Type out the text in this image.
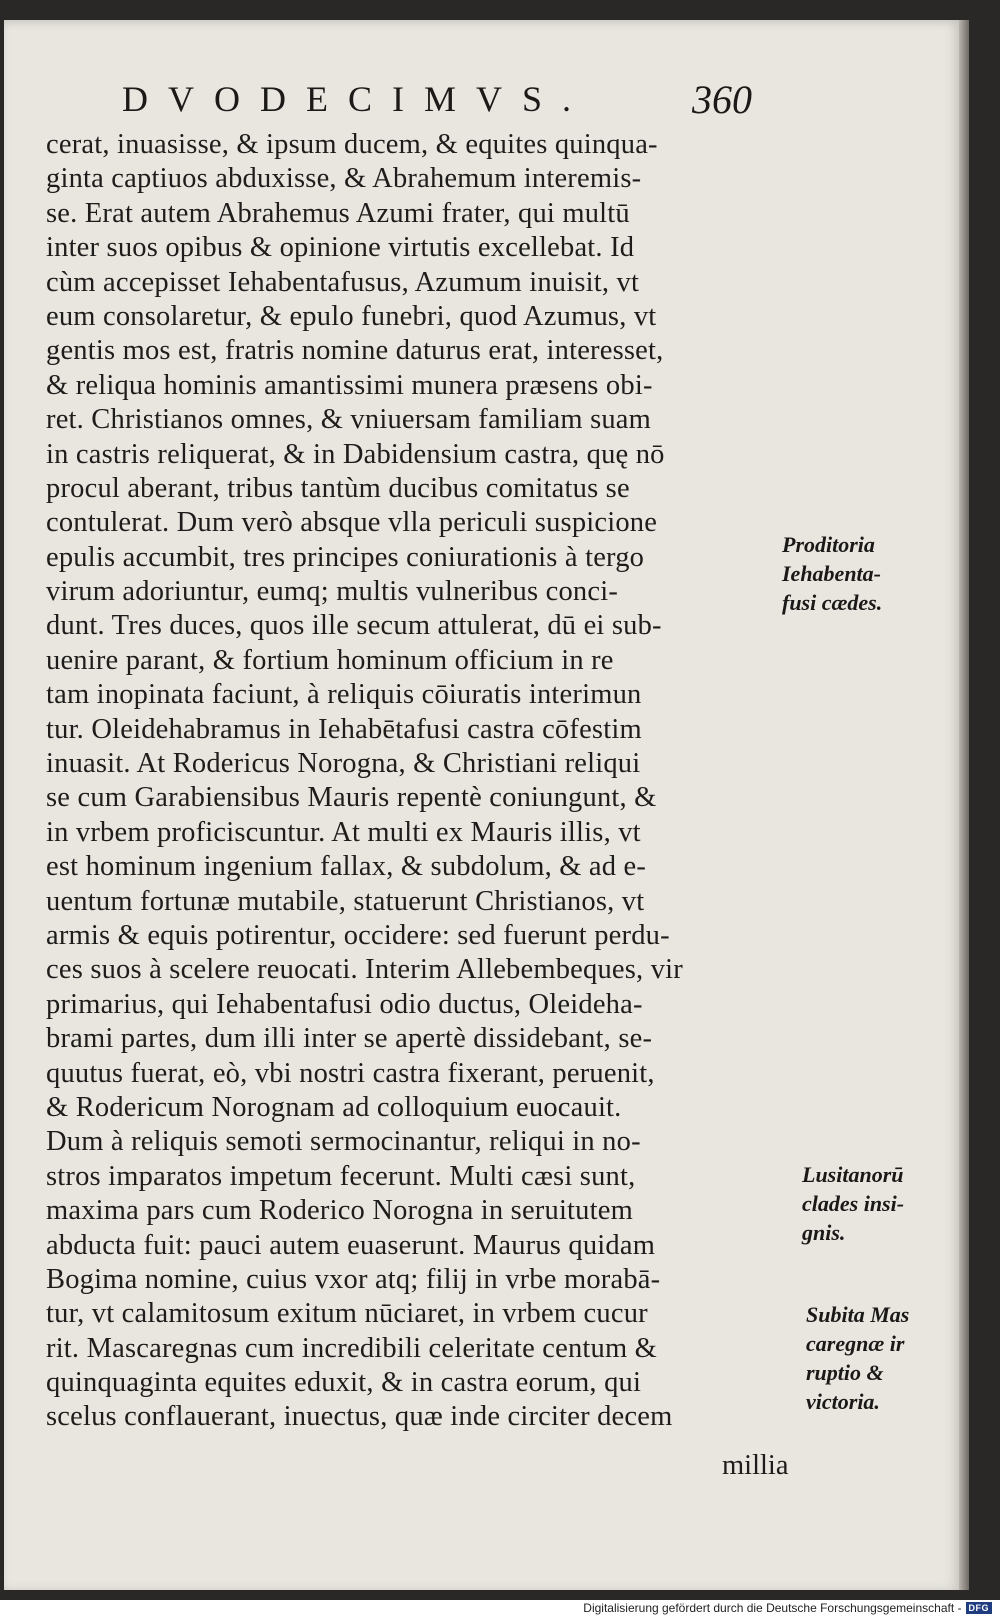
DVODECIMVS.	360
cerat, inuasisse, & ipsum ducem, & equites quinqua-
ginta captiuos abduxisse, & Abrahemum interemis-
se. Erat autem Abrahemus Azumi frater, qui multū
inter suos opibus & opinione virtutis excellebat. Id
cùm accepisset Iehabentafusus, Azumum inuisit, vt
eum consolaretur, & epulo funebri, quod Azumus, vt
gentis mos est, fratris nomine daturus erat, interesset,
& reliqua hominis amantissimi munera præsens obi-
ret. Christianos omnes, & vniuersam familiam suam
in castris reliquerat, & in Dabidensium castra, quę nō
procul aberant, tribus tantùm ducibus comitatus se
contulerat. Dum verò absque vlla periculi suspicione
epulis accumbit, tres principes coniurationis à tergo
virum adoriuntur, eumq; multis vulneribus conci-
dunt. Tres duces, quos ille secum attulerat, dū ei sub-
uenire parant, & fortium hominum officium in re
tam inopinata faciunt, à reliquis cōiuratis interimun
tur. Oleidehabramus in Iehabētafusi castra cōfestim
inuasit. At Rodericus Norogna, & Christiani reliqui
se cum Garabiensibus Mauris repentè coniungunt, &
in vrbem proficiscuntur. At multi ex Mauris illis, vt
est hominum ingenium fallax, & subdolum, & ad e-
uentum fortunæ mutabile, statuerunt Christianos, vt
armis & equis potirentur, occidere: sed fuerunt perdu-
ces suos à scelere reuocati. Interim Allebembeques, vir
primarius, qui Iehabentafusi odio ductus, Oleideha-
brami partes, dum illi inter se apertè dissidebant, se-
quutus fuerat, eò, vbi nostri castra fixerant, peruenit,
& Rodericum Norognam ad colloquium euocauit.
Dum à reliquis semoti sermocinantur, reliqui in no-
stros imparatos impetum fecerunt. Multi cæsi sunt,
maxima pars cum Roderico Norogna in seruitutem
abducta fuit: pauci autem euaserunt. Maurus quidam
Bogima nomine, cuius vxor atq; filij in vrbe morabā-
tur, vt calamitosum exitum nūciaret, in vrbem cucur
rit. Mascaregnas cum incredibili celeritate centum &
quinquaginta equites eduxit, & in castra eorum, qui
scelus conflauerant, inuectus, quæ inde circiter decem
millia
Proditoria
Iehabenta-
fusi cædes.
Lusitanorū
clades insi-
gnis.
Subita Mas
caregnæ ir
ruptio &
victoria.
Digitalisierung gefördert durch die Deutsche Forschungsgemeinschaft - DFG
